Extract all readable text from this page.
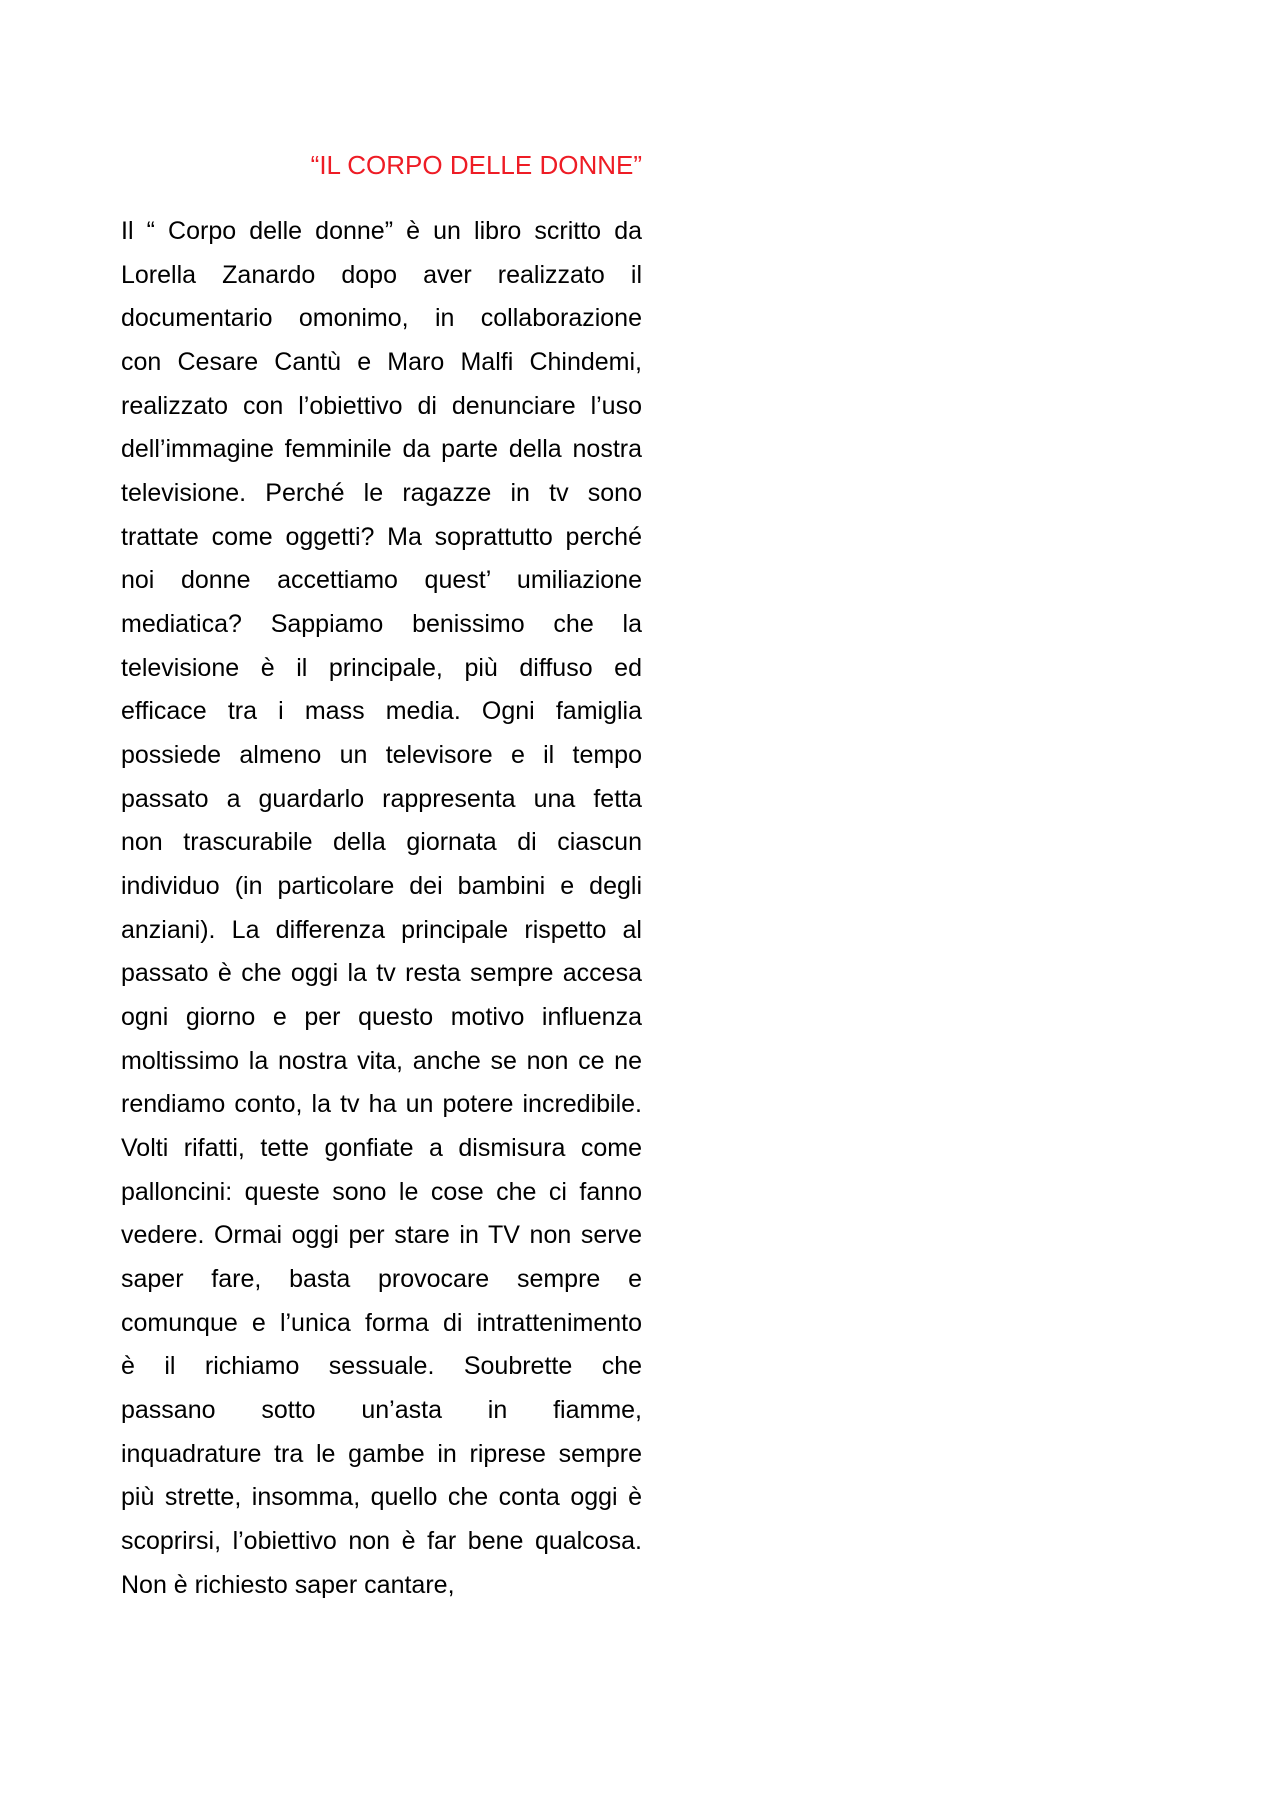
“IL CORPO DELLE DONNE”
Il “ Corpo delle donne” è un libro scritto da
Lorella Zanardo dopo aver realizzato il
documentario omonimo, in collaborazione
con Cesare Cantù e Maro Malfi Chindemi,
realizzato con l’obiettivo di denunciare l’uso
dell’immagine femminile da parte della nostra
televisione. Perché le ragazze in tv sono
trattate come oggetti? Ma soprattutto perché
noi donne accettiamo quest’ umiliazione
mediatica? Sappiamo benissimo che la
televisione è il principale, più diffuso ed
efficace tra i mass media. Ogni famiglia
possiede almeno un televisore e il tempo
passato a guardarlo rappresenta una fetta
non trascurabile della giornata di ciascun
individuo (in particolare dei bambini e degli
anziani). La differenza principale rispetto al
passato è che oggi la tv resta sempre accesa
ogni giorno e per questo motivo influenza
moltissimo la nostra vita, anche se non ce ne
rendiamo conto, la tv ha un potere incredibile.
Volti rifatti, tette gonfiate a dismisura come
palloncini: queste sono le cose che ci fanno
vedere. Ormai oggi per stare in TV non serve
saper fare, basta provocare sempre e
comunque e l’unica forma di intrattenimento
è il richiamo sessuale. Soubrette che
passano sotto un’asta in fiamme,
inquadrature tra le gambe in riprese sempre
più strette, insomma, quello che conta oggi è
scoprirsi, l’obiettivo non è far bene qualcosa.
Non è richiesto saper cantare,
